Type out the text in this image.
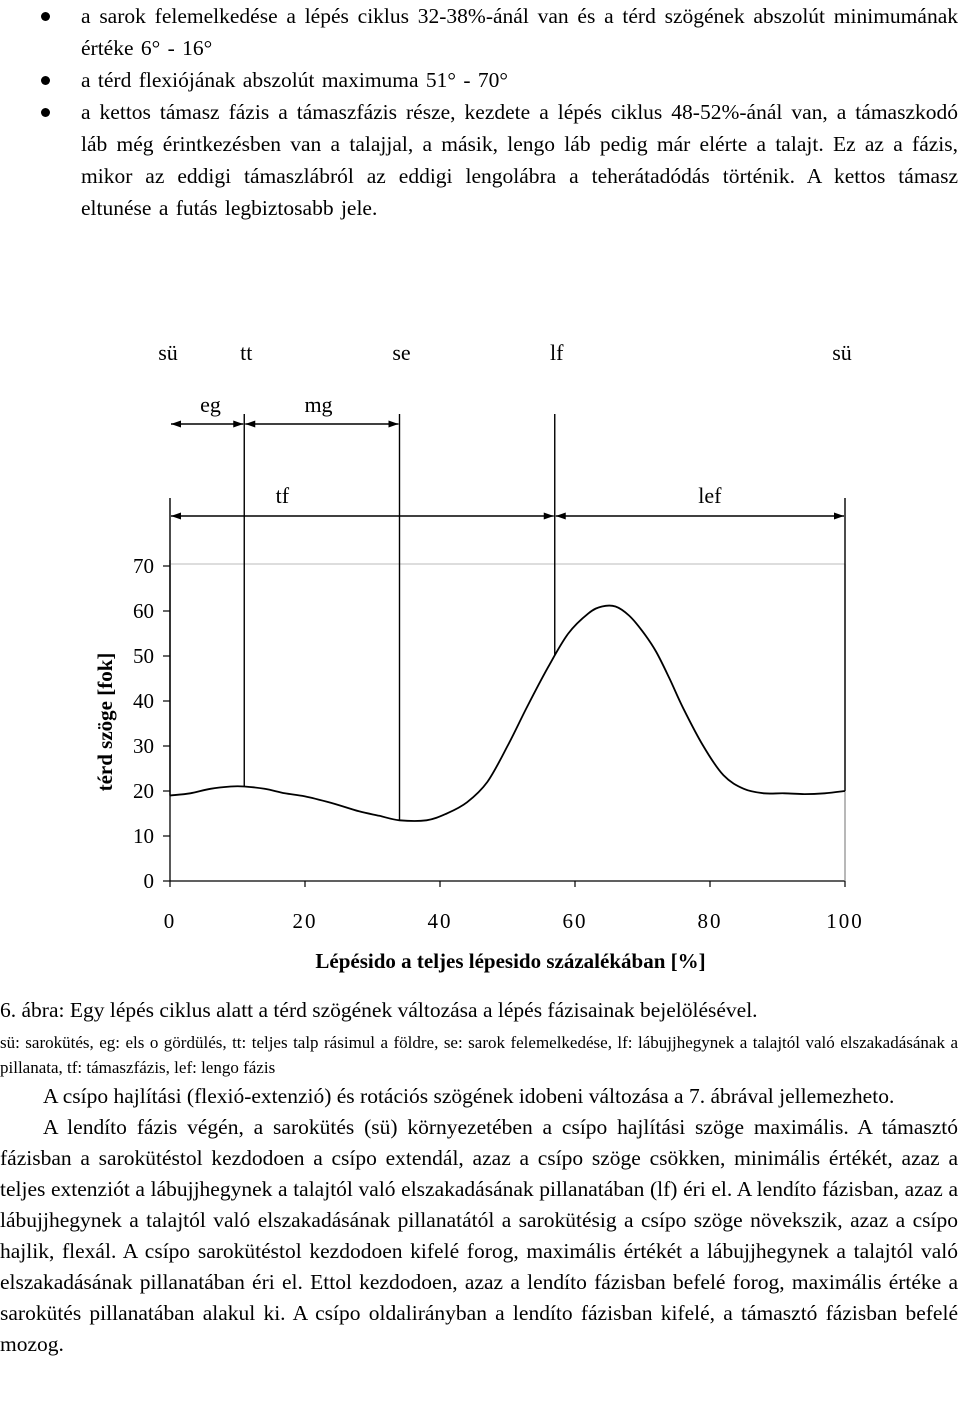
a sarok felemelkedése a lépés ciklus 32-38%-ánál van és a térd szögének abszolút minimumának értéke 6° - 16°
a térd flexiójának abszolút maximuma 51° - 70°
a kettos támasz fázis a támaszfázis része, kezdete a lépés ciklus 48-52%-ánál van, a támaszkodó láb még érintkezésben van a talajjal, a másik, lengo láb pedig már elérte a talajt. Ez az a fázis, mikor az eddigi támaszlábról az eddigi lengolábra a teherátadódás történik. A kettos támasz eltunése a futás legbiztosabb jele.
0
10
20
30
40
50
60
70
0	20	40	60	80	100
térd szöge [fok]
Lépésido a teljes lépesido százalékában [%]
sü	tt	se	lf	sü
eg	mg
tf	lef
6. ábra: Egy lépés ciklus alatt a térd szögének változása a lépés fázisainak bejelölésével.
sü: sarokütés, eg: els o gördülés, tt: teljes talp rásimul a földre, se: sarok felemelkedése, lf: lábujjhegynek a talajtól való elszakadásának a pillanata, tf: támaszfázis, lef: lengo fázis

A csípo hajlítási (flexió-extenzió) és rotációs szögének idobeni változása a 7. ábrával jellemezheto.

A lendíto fázis végén, a sarokütés (sü) környezetében a csípo hajlítási szöge maximális. A támasztó fázisban a sarokütéstol kezdodoen a csípo extendál, azaz a csípo szöge csökken, minimális értékét, azaz a teljes extenziót a lábujjhegynek a talajtól való elszakadásának pillanatában (lf) éri el. A lendíto fázisban, azaz a lábujjhegynek a talajtól való elszakadásának pillanatától a sarokütésig a csípo szöge növekszik, azaz a csípo hajlik, flexál. A csípo sarokütéstol kezdodoen kifelé forog, maximális értékét a lábujjhegynek a talajtól való elszakadásának pillanatában éri el. Ettol kezdodoen, azaz a lendíto fázisban befelé forog, maximális értéke a sarokütés pillanatában alakul ki. A csípo oldalirányban a lendíto fázisban kifelé, a támasztó fázisban befelé mozog.
